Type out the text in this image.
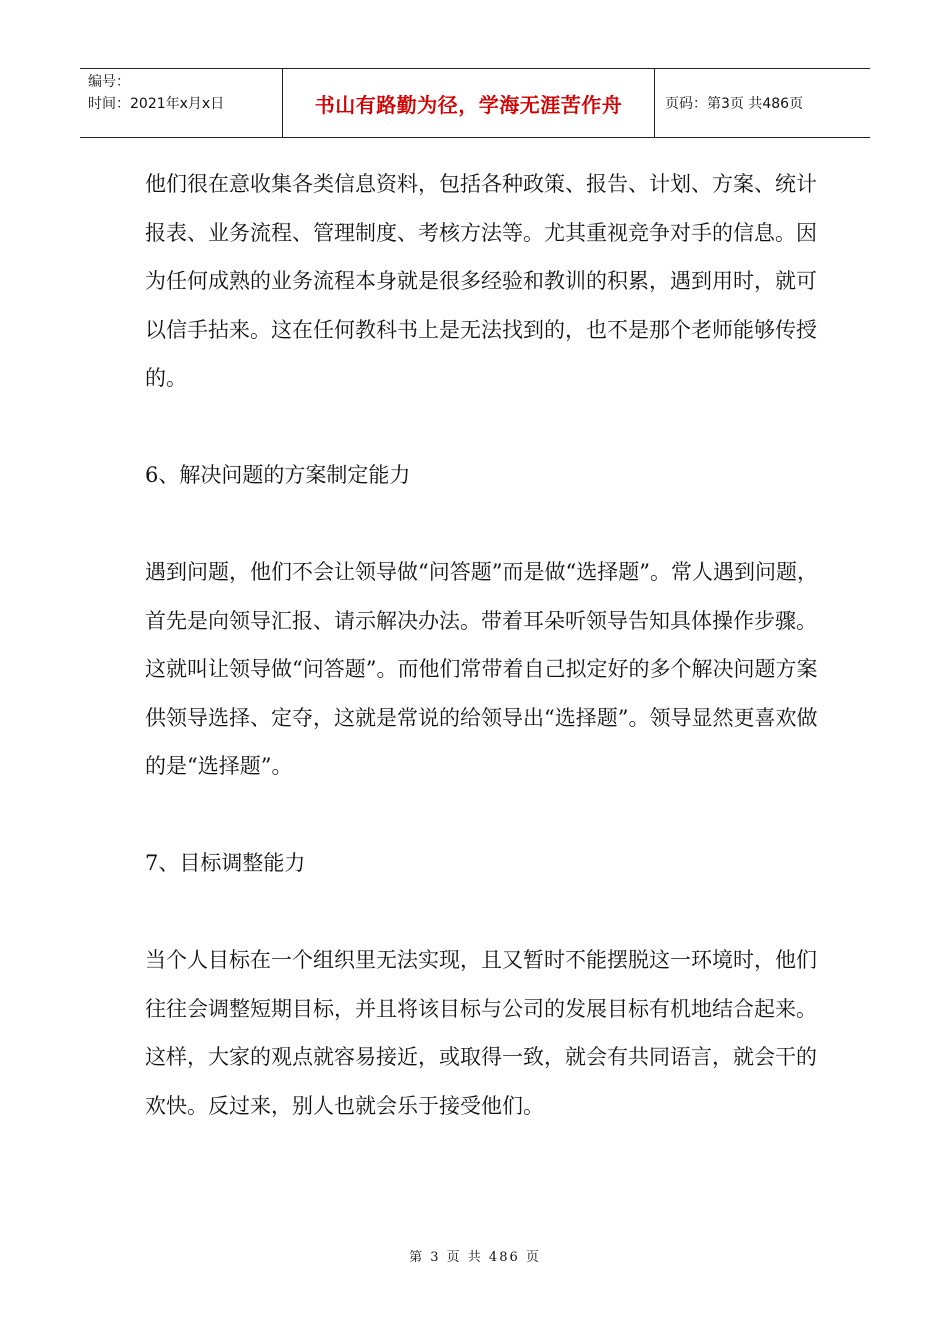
编号：
时间：2021年x月x日	书山有路勤为径，学海无涯苦作舟	页码：第3页 共486页

他们很在意收集各类信息资料，包括各种政策、报告、计划、方案、统计报表、业务流程、管理制度、考核方法等。尤其重视竞争对手的信息。因为任何成熟的业务流程本身就是很多经验和教训的积累，遇到用时，就可以信手拈来。这在任何教科书上是无法找到的，也不是那个老师能够传授的。

6、解决问题的方案制定能力

遇到问题，他们不会让领导做“问答题”而是做“选择题”。常人遇到问题，首先是向领导汇报、请示解决办法。带着耳朵听领导告知具体操作步骤。这就叫让领导做“问答题”。而他们常带着自己拟定好的多个解决问题方案供领导选择、定夺，这就是常说的给领导出“选择题”。领导显然更喜欢做的是“选择题”。

7、目标调整能力

当个人目标在一个组织里无法实现，且又暂时不能摆脱这一环境时，他们往往会调整短期目标，并且将该目标与公司的发展目标有机地结合起来。这样，大家的观点就容易接近，或取得一致，就会有共同语言，就会干的欢快。反过来，别人也就会乐于接受他们。

第 3 页 共 486 页
